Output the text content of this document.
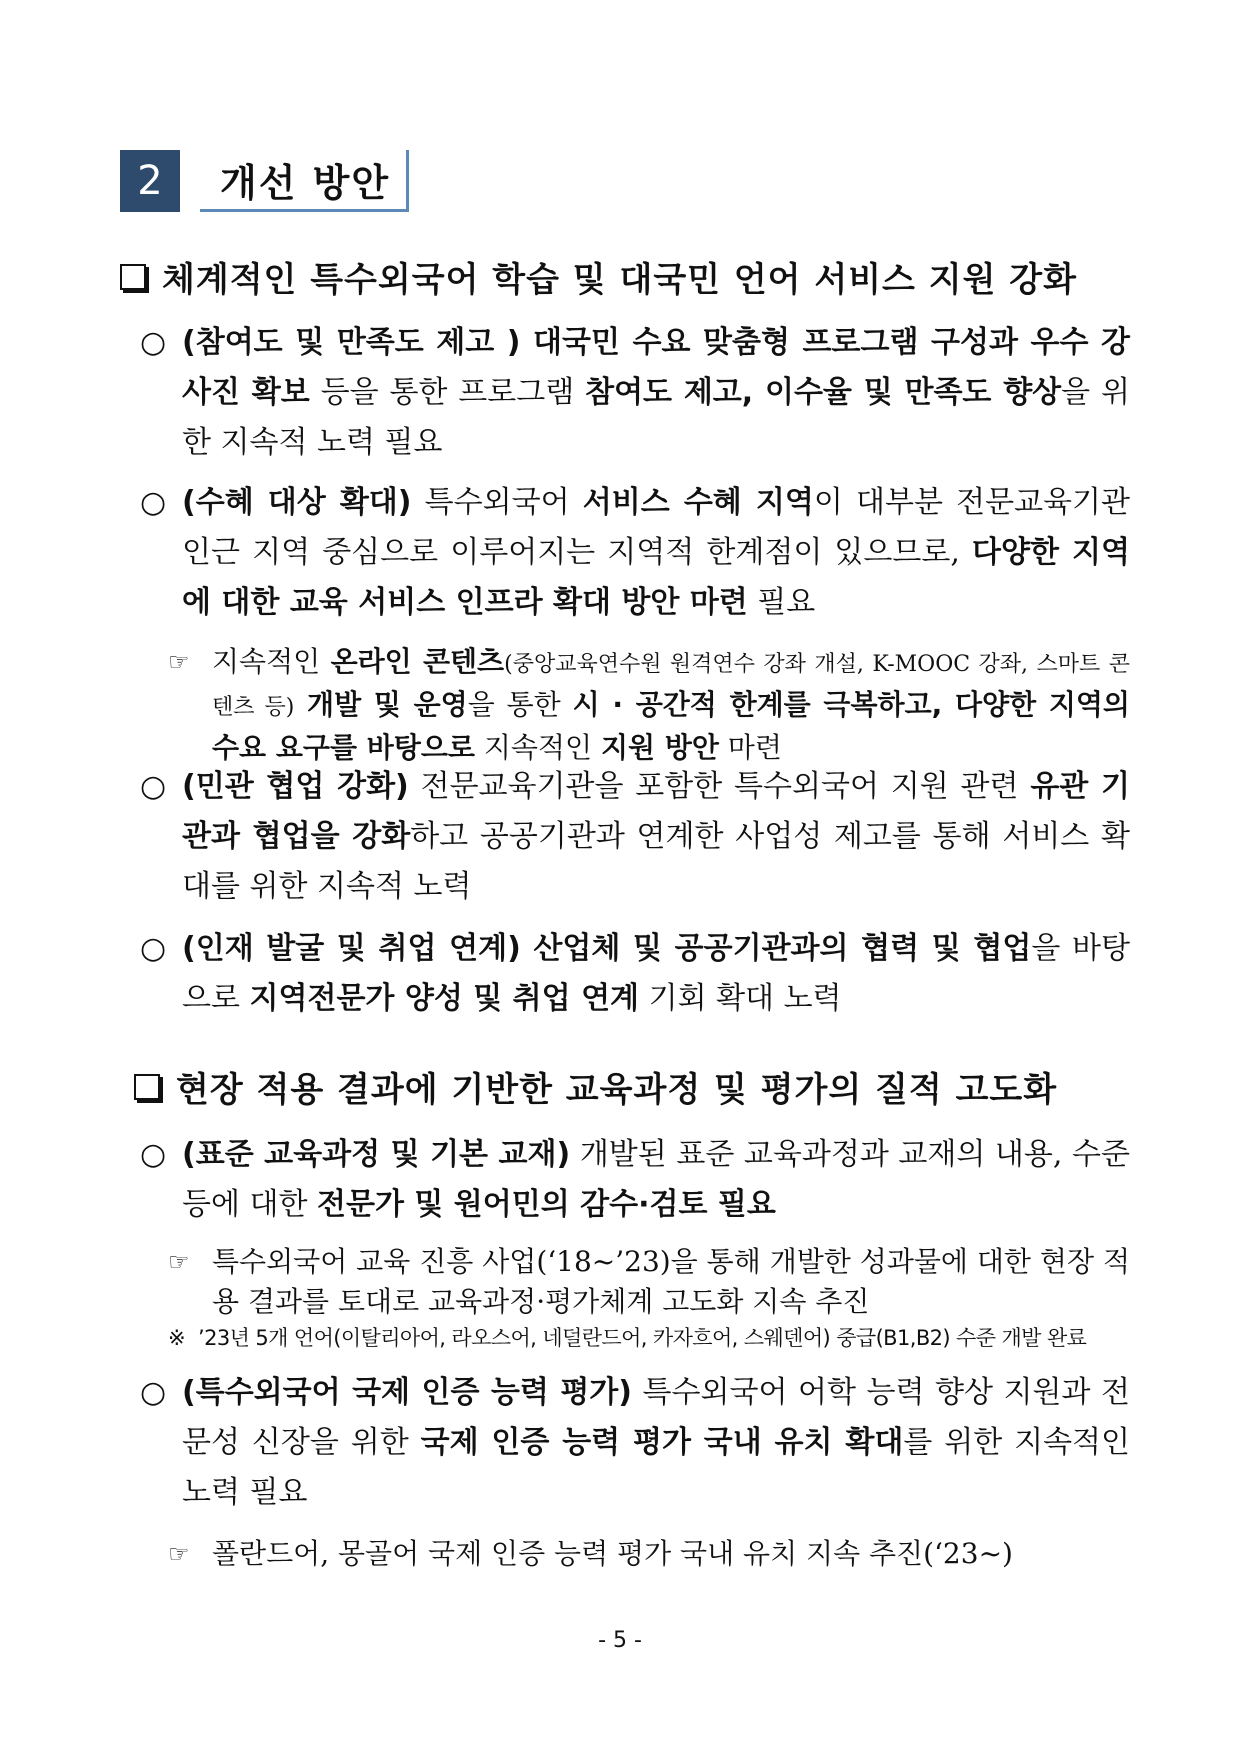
2	개선 방안
체계적인 특수외국어 학습 및 대국민 언어 서비스 지원 강화
○ (참여도 및 만족도 제고 ) 대국민 수요 맞춤형 프로그램 구성과 우수 강사진 확보 등을 통한 프로그램 참여도 제고, 이수율 및 만족도 향상을 위한 지속적 노력 필요
○ (수혜 대상 확대) 특수외국어 서비스 수혜 지역이 대부분 전문교육기관 인근 지역 중심으로 이루어지는 지역적 한계점이 있으므로, 다양한 지역에 대한 교육 서비스 인프라 확대 방안 마련 필요
☞ 지속적인 온라인 콘텐츠(중앙교육연수원 원격연수 강좌 개설, K-MOOC 강좌, 스마트 콘텐츠 등) 개발 및 운영을 통한 시 · 공간적 한계를 극복하고, 다양한 지역의 수요 요구를 바탕으로 지속적인 지원 방안 마련
○ (민관 협업 강화) 전문교육기관을 포함한 특수외국어 지원 관련 유관 기관과 협업을 강화하고 공공기관과 연계한 사업성 제고를 통해 서비스 확대를 위한 지속적 노력
○ (인재 발굴 및 취업 연계) 산업체 및 공공기관과의 협력 및 협업을 바탕으로 지역전문가 양성 및 취업 연계 기회 확대 노력
현장 적용 결과에 기반한 교육과정 및 평가의 질적 고도화
○ (표준 교육과정 및 기본 교재) 개발된 표준 교육과정과 교재의 내용, 수준 등에 대한 전문가 및 원어민의 감수·검토 필요
☞ 특수외국어 교육 진흥 사업(‘18~’23)을 통해 개발한 성과물에 대한 현장 적용 결과를 토대로 교육과정·평가체계 고도화 지속 추진
※ ’23년 5개 언어(이탈리아어, 라오스어, 네덜란드어, 카자흐어, 스웨덴어) 중급(B1,B2) 수준 개발 완료
○ (특수외국어 국제 인증 능력 평가) 특수외국어 어학 능력 향상 지원과 전문성 신장을 위한 국제 인증 능력 평가 국내 유치 확대를 위한 지속적인 노력 필요
☞ 폴란드어, 몽골어 국제 인증 능력 평가 국내 유치 지속 추진(‘23~)
- 5 -
